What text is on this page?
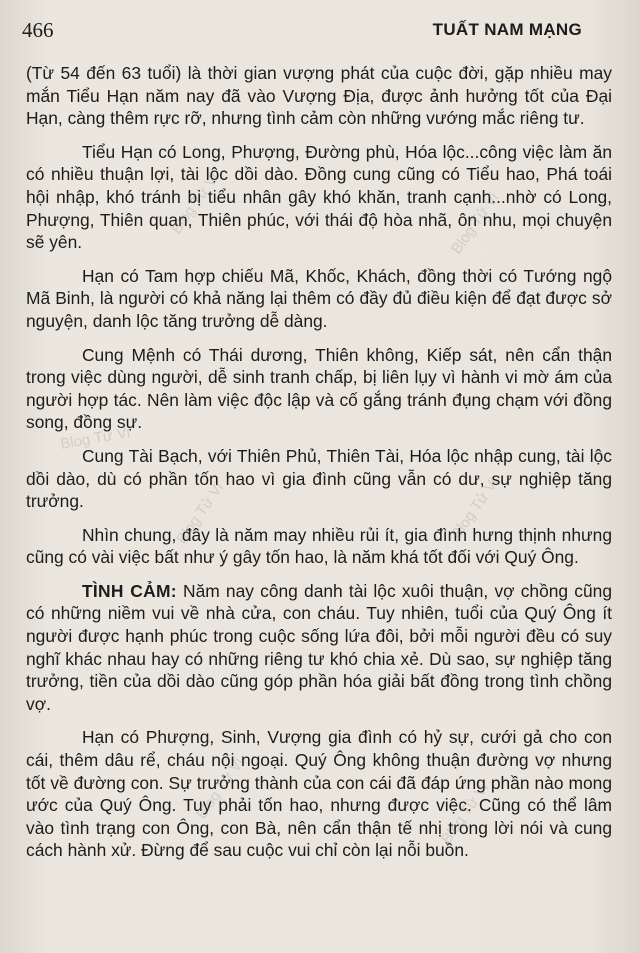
466	TUẤT NAM MẠNG

(Từ 54 đến 63 tuổi) là thời gian vượng phát của cuộc đời, gặp nhiều may mắn Tiểu Hạn năm nay đã vào Vượng Địa, được ảnh hưởng tốt của Đại Hạn, càng thêm rực rỡ, nhưng tình cảm còn những vướng mắc riêng tư.

Tiểu Hạn có Long, Phượng, Đường phù, Hóa lộc...công việc làm ăn có nhiều thuận lợi, tài lộc dồi dào. Đồng cung cũng có Tiểu hao, Phá toái hội nhập, khó tránh bị tiểu nhân gây khó khăn, tranh cạnh...nhờ có Long, Phượng, Thiên quan, Thiên phúc, với thái độ hòa nhã, ôn nhu, mọi chuyện sẽ yên.

Hạn có Tam hợp chiếu Mã, Khốc, Khách, đồng thời có Tướng ngộ Mã Binh, là người có khả năng lại thêm có đầy đủ điều kiện để đạt được sở nguyện, danh lộc tăng trưởng dễ dàng.

Cung Mệnh có Thái dương, Thiên không, Kiếp sát, nên cẩn thận trong việc dùng người, dễ sinh tranh chấp, bị liên lụy vì hành vi mờ ám của người hợp tác. Nên làm việc độc lập và cố gắng tránh đụng chạm với đồng song, đồng sự.

Cung Tài Bạch, với Thiên Phủ, Thiên Tài, Hóa lộc nhập cung, tài lộc dồi dào, dù có phần tốn hao vì gia đình cũng vẫn có dư, sự nghiệp tăng trưởng.

Nhìn chung, đây là năm may nhiều rủi ít, gia đình hưng thịnh nhưng cũng có vài việc bất như ý gây tốn hao, là năm khá tốt đối với Quý Ông.

TÌNH CẢM: Năm nay công danh tài lộc xuôi thuận, vợ chồng cũng có những niềm vui về nhà cửa, con cháu. Tuy nhiên, tuổi của Quý Ông ít người được hạnh phúc trong cuộc sống lứa đôi, bởi mỗi người đều có suy nghĩ khác nhau hay có những riêng tư khó chia xẻ. Dù sao, sự nghiệp tăng trưởng, tiền của dồi dào cũng góp phần hóa giải bất đồng trong tình chồng vợ.

Hạn có Phượng, Sinh, Vượng gia đình có hỷ sự, cưới gả cho con cái, thêm dâu rể, cháu nội ngoại. Quý Ông không thuận đường vợ nhưng tốt về đường con. Sự trưởng thành của con cái đã đáp ứng phần nào mong ước của Quý Ông. Tuy phải tốn hao, nhưng được việc. Cũng có thể lâm vào tình trạng con Ông, con Bà, nên cẩn thận tế nhị trong lời nói và cung cách hành xử. Đừng để sau cuộc vui chỉ còn lại nỗi buồn.

Blog Tử Vi	Blog Tử Vi
Blog Tử Vi
Blog Tử Vi	Blog Tử Vi
Blog Tử Vi	Blog Tử Vi
